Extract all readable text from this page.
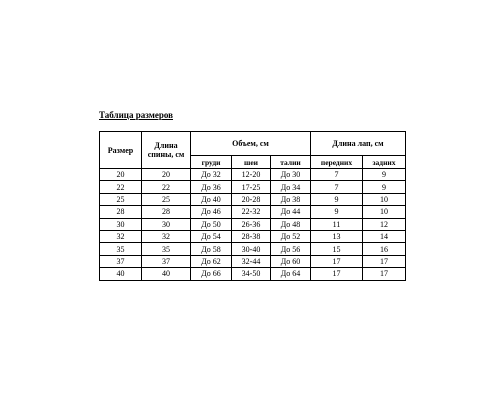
Таблица размеров
Размер	Длина спины, см	Объем, см			Длина лап, см	
		груди	шеи	талии	передних	задних
20	20	До 32	12-20	До 30	7	9
22	22	До 36	17-25	До 34	7	9
25	25	До 40	20-28	До 38	9	10
28	28	До 46	22-32	До 44	9	10
30	30	До 50	26-36	До 48	11	12
32	32	До 54	28-38	До 52	13	14
35	35	До 58	30-40	До 56	15	16
37	37	До 62	32-44	До 60	17	17
40	40	До 66	34-50	До 64	17	17
